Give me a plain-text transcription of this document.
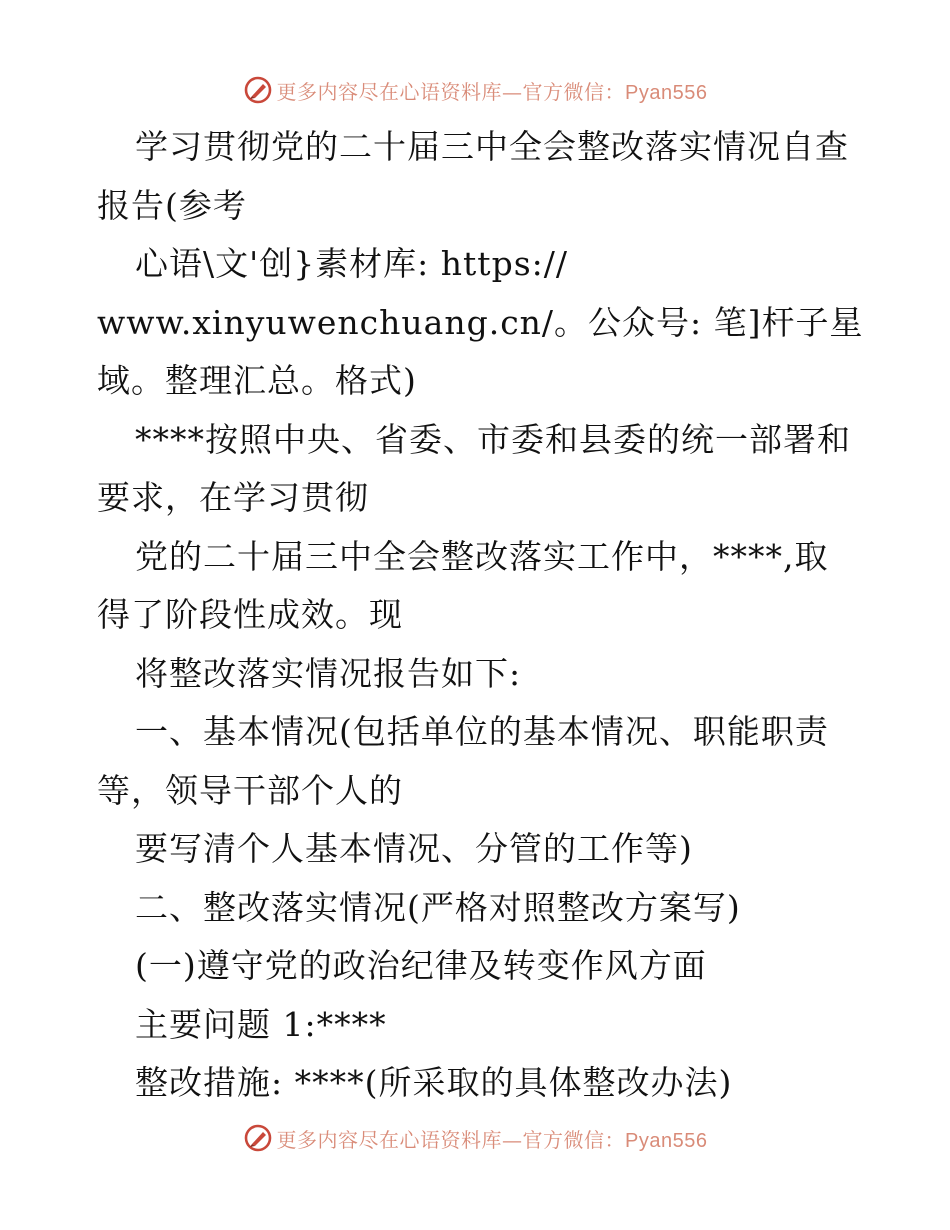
更多内容尽在心语资料库—官方微信：Pyan556
学习贯彻党的二十届三中全会整改落实情况自查
报告(参考
心语\文'创}素材库: https://
www.xinyuwenchuang.cn/。公众号: 笔]杆子星
域。整理汇总。格式)
****按照中央、省委、市委和县委的统一部署和
要求，在学习贯彻
党的二十届三中全会整改落实工作中，****,取
得了阶段性成效。现
将整改落实情况报告如下:
一、基本情况(包括单位的基本情况、职能职责
等，领导干部个人的
要写清个人基本情况、分管的工作等)
二、整改落实情况(严格对照整改方案写)
(一)遵守党的政治纪律及转变作风方面
主要问题 1:****
整改措施: ****(所采取的具体整改办法)
更多内容尽在心语资料库—官方微信：Pyan556
